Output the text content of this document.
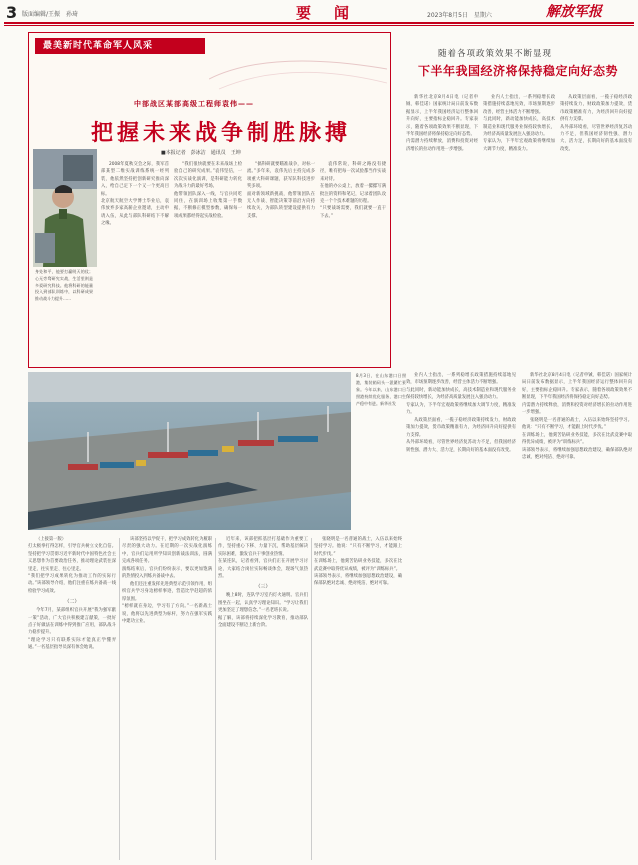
3 版面编辑/王振　孙琦	要　闻	2023年8月5日　星期六	解放军报
最美新时代革命军人风采
中部战区某部高级工程师袁伟——
把握未来战争制胜脉搏
■本报记者　彭冰洁　通讯员　王坤
身处和平，他要打赢明天的仗；心无旁骛研究实战，生活里则是多爱研究科技。他将科研的能量投入到部队训练中，以科研成果推动战斗力提升……

2008年夏秋交会之际，我军首部某型二维实战训练系统一经列装，他依然坚持把创新研究推向深入，给自己定下一个又一个更高目标。
北京航天航空大学博士毕业后，袁伟放弃多家高薪企业邀请，主动申请入伍，从此与部队科研结下不解之缘。

“我们很快就要在未来战场上检验自己的研究成果。”袁伟坚信，一次次实战化演训，是科研能力转化为战斗力的最好考场。
他带领团队深入一线，与官兵同吃同住，在演训场上收集第一手数据，不断修正模型参数，确保每一项成果都经得起实战检验。

“搞科研就要瞄准战争，对标一流。”多年来，袁伟先后主持完成多项重大科研课题，获军队科技进步奖多项。
面对新领域新挑战，他带领团队在无人作战、智能决策等前沿方向持续攻关，为部队转型建设提供有力支撑。

袁伟常说，科研之路没有捷径，唯有把每一次试验都当作实战来对待。
在他的办公桌上，放着一摞摞写满批注的资料和笔记，记录着团队攻克一个个技术难题的历程。
“只要战场需要，我们就要一直干下去。”

随着各项政策效果不断显现
下半年我国经济将保持稳定向好态势

新华社北京8月4日电（记者申铖、韩佳诺）国家统计局日前发布数据显示，上半年我国经济运行整体回升向好，主要指标企稳回升。专家表示，随着各项政策效果不断显现，下半年我国经济将保持稳定向好态势。
内需潜力持续释放，消费和投资对经济增长的拉动作用进一步增强。

业内人士指出，一系列稳增长政策措施持续落地见效，市场预期逐步改善，经营主体活力不断增强。
与此同时，新动能加快成长，高技术制造业和现代服务业保持较快增长，为经济高质量发展注入强劲动力。
专家认为，下半年宏观政策将继续加大调节力度，精准发力。

从政策层面看，一揽子稳经济政策持续发力，财政政策加力提效，货币政策精准有力，为经济回升向好提供有力支撑。
从外部环境看，尽管世界经济复苏动力不足，但我国经济韧性强、潜力大、活力足，长期向好的基本面没有改变。

业内人士指出，一系列稳增长政策措施持续落地见效，市场预期逐步改善，经营主体活力不断增强。
与此同时，新动能加快成长，高技术制造业和现代服务业保持较快增长，为经济高质量发展注入强劲动力。
专家认为，下半年宏观政策将继续加大调节力度，精准发力。

从政策层面看，一揽子稳经济政策持续发力，财政政策加力提效，货币政策精准有力，为经济回升向好提供有力支撑。
从外部环境看，尽管世界经济复苏动力不足，但我国经济韧性强、潜力大、活力足，长期向好的基本面没有改变。

新华社北京8月4日电（记者申铖、韩佳诺）国家统计局日前发布数据显示，上半年我国经济运行整体回升向好，主要指标企稳回升。专家表示，随着各项政策效果不断显现，下半年我国经济将保持稳定向好态势。
内需潜力持续释放，消费和投资对经济增长的拉动作用进一步增强。

张晓明是一名普通的战士，入伍以来始终坚持学习。他说：“只有不断学习，才能跟上时代步伐。”
在训练场上，他刻苦钻研业务技能，多次在比武竞赛中取得优异成绩，被评为“训练标兵”。
该部领导表示，将继续加强思想政治建设，确保部队绝对忠诚、绝对纯洁、绝对可靠。

8月3日，在山东港口日照港，集装箱码头一派繁忙景象。今年以来，山东港口日照港持续优化服务，港口生产稳中有进。新华社发

（上接第一版）
打太极拳打得怎样，引导官兵树立文化自信。坚持把学习贯彻习近平新时代中国特色社会主义思想作为首要政治任务，推动理论武装往深里走、往实里走、往心里走。
“我们把学习成果转化为推动工作的实际行动。”该部领导介绍，他们注重在练兵备战一线检验学习成效。

（二）

今年7月，某部组织官兵开展“我为强军献一策”活动，广大官兵积极建言献策，一批好点子好做法在训练中得到推广应用，部队战斗力稳步提升。
“理论学习只有联系实际才能真正学懂弄通。”一名基层指导员深有体会地说。

该部坚持以学促干，把学习成效转化为履职尽责的强大动力。在近期的一次实战化演练中，官兵们运用所学知识创新战法训法，圆满完成各项任务。
演练结束后，官兵们纷纷表示，要以更加饱满的热情投入到练兵备战中去。

他们还注重发挥先进典型示范引领作用，组织官兵学习身边榜样事迹，营造比学赶超的浓厚氛围。
“榜样就在身边，学习有了方向。”一名新战士说，他将以先进典型为标杆，努力在强军实践中建功立业。

近年来，该部把抓基层打基础作为重要工作，坚持重心下移、力量下沉，帮助基层解决实际困难，激发官兵干事创业热情。
在某连队，记者看到，官兵们正在开展学习讨论，大家结合岗位实际畅谈体会，现场气氛热烈。

（三）

晚上8时，连队学习室内灯火通明。官兵们围坐在一起，认真学习理论知识。“学习让我们更加坚定了理想信念。”一名老班长说。
据了解，该部将持续深化学习教育，推动部队全面建设不断迈上新台阶。

张晓明是一名普通的战士，入伍以来始终坚持学习。他说：“只有不断学习，才能跟上时代步伐。”
在训练场上，他刻苦钻研业务技能，多次在比武竞赛中取得优异成绩，被评为“训练标兵”。
该部领导表示，将继续加强思想政治建设，确保部队绝对忠诚、绝对纯洁、绝对可靠。
